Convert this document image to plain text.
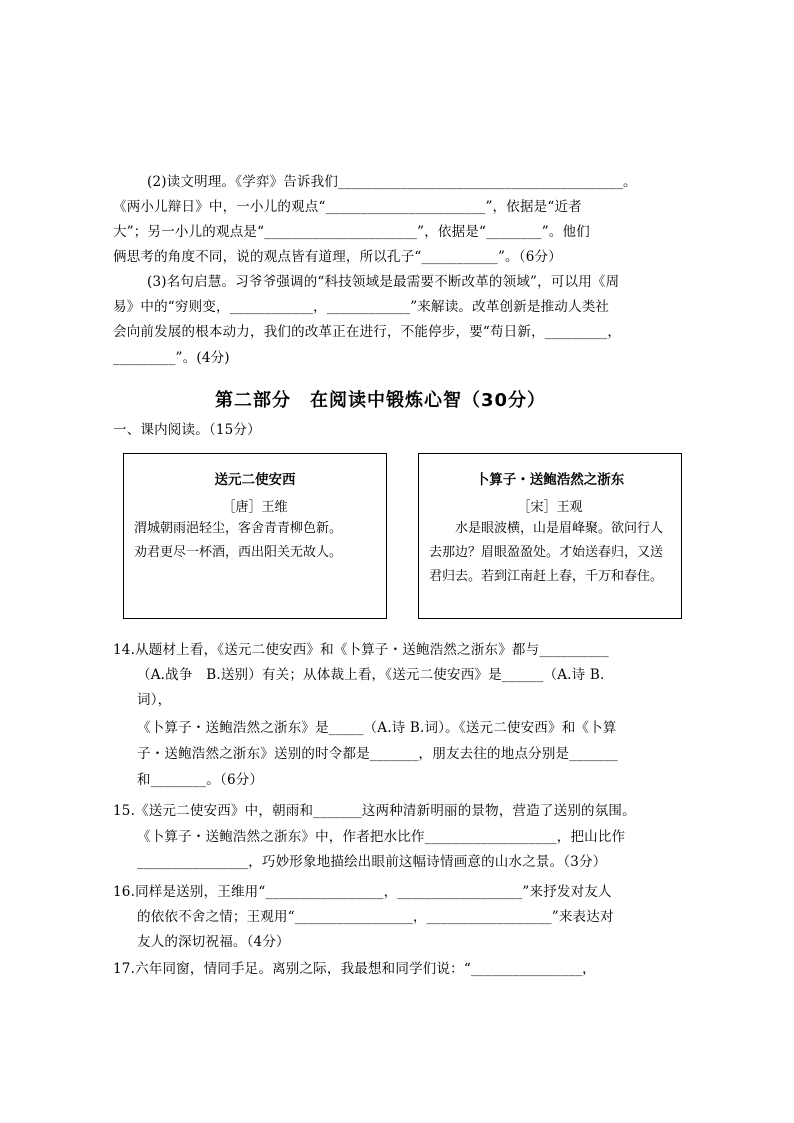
(2)读文明理。《学弈》告诉我们_________________________________________。
《两小儿辩日》中，一小儿的观点“_______________________”，依据是“近者
大”；另一小儿的观点是“______________________”，依据是“________”。他们
俩思考的角度不同，说的观点皆有道理，所以孔子“___________”。（6分）
(3)名句启慧。习爷爷强调的“科技领域是最需要不断改革的领域”，可以用《周
易》中的“穷则变，____________，____________”来解读。改革创新是推动人类社
会向前发展的根本动力，我们的改革正在进行，不能停步，要“苟日新，_________，
_________”。(4分)
第二部分　在阅读中锻炼心智（30分）
一、课内阅读。（15分）
送元二使安西
［唐］王维
渭城朝雨浥轻尘，客舍青青柳色新。
劝君更尽一杯酒，西出阳关无故人。
卜算子・送鲍浩然之浙东
［宋］王观
水是眼波横，山是眉峰聚。欲问行人去那边？眉眼盈盈处。才始送春归，又送君归去。若到江南赶上春，千万和春住。
14.从题材上看，《送元二使安西》和《卜算子・送鲍浩然之浙东》都与__________
（A.战争　B.送别）有关；从体裁上看，《送元二使安西》是______（A.诗 B.
词），
《卜算子・送鲍浩然之浙东》是_____（A.诗 B.词）。《送元二使安西》和《卜算
子・送鲍浩然之浙东》送别的时令都是_______，朋友去往的地点分别是_______
和________。（6分）
15.《送元二使安西》中，朝雨和_______这两种清新明丽的景物，营造了送别的氛围。
《卜算子・送鲍浩然之浙东》中，作者把水比作___________________，把山比作
________________，巧妙形象地描绘出眼前这幅诗情画意的山水之景。（3分）
16.同样是送别，王维用“_________________，__________________”来抒发对友人
的依依不舍之情；王观用“_________________，__________________”来表达对
友人的深切祝福。（4分）
17.六年同窗，情同手足。离别之际，我最想和同学们说：“________________，
